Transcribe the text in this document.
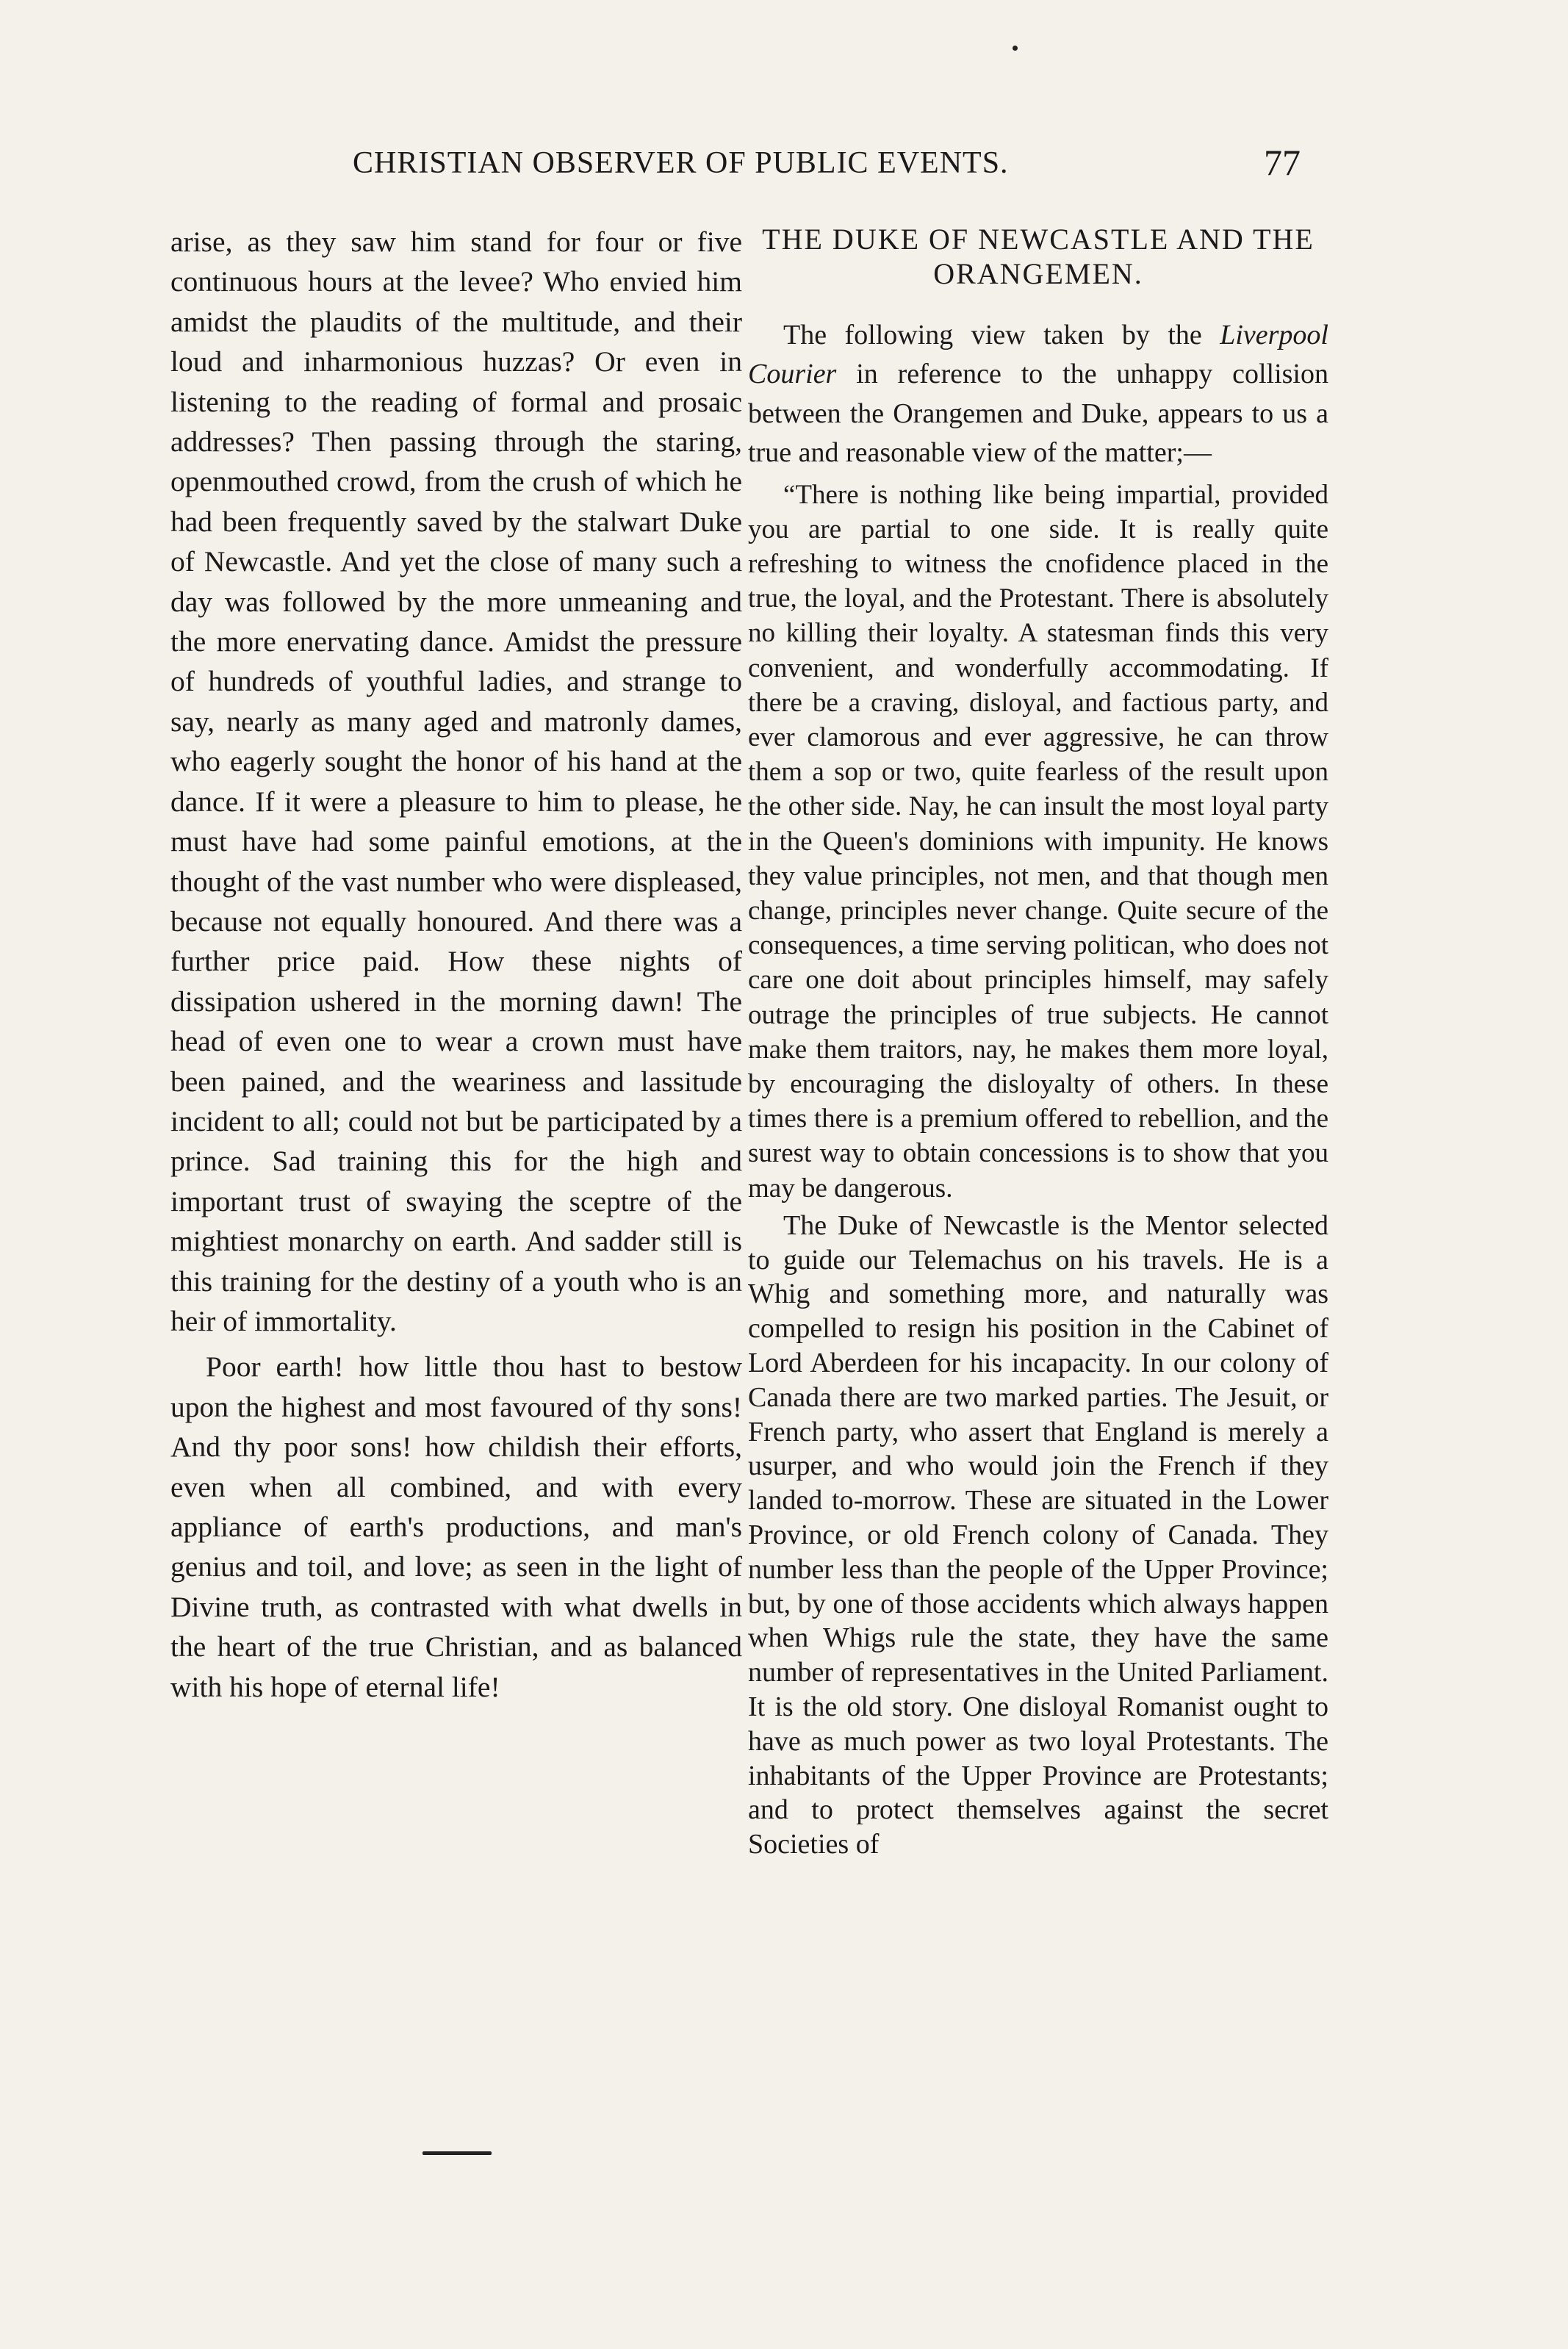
CHRISTIAN OBSERVER OF PUBLIC EVENTS.	77

arise, as they saw him stand for four or five continuous hours at the levee? Who envied him amidst the plaudits of the multitude, and their loud and inharmonious huzzas? Or even in listening to the reading of formal and prosaic addresses? Then passing through the staring, openmouthed crowd, from the crush of which he had been frequently saved by the stalwart Duke of Newcastle. And yet the close of many such a day was followed by the more unmeaning and the more enervating dance. Amidst the pressure of hundreds of youthful ladies, and strange to say, nearly as many aged and matronly dames, who eagerly sought the honor of his hand at the dance. If it were a pleasure to him to please, he must have had some painful emotions, at the thought of the vast number who were displeased, because not equally honoured. And there was a further price paid. How these nights of dissipation ushered in the morning dawn! The head of even one to wear a crown must have been pained, and the weariness and lassitude incident to all; could not but be participated by a prince. Sad training this for the high and important trust of swaying the sceptre of the mightiest monarchy on earth. And sadder still is this training for the destiny of a youth who is an heir of immortality.

Poor earth! how little thou hast to bestow upon the highest and most favoured of thy sons! And thy poor sons! how childish their efforts, even when all combined, and with every appliance of earth's productions, and man's genius and toil, and love; as seen in the light of Divine truth, as contrasted with what dwells in the heart of the true Christian, and as balanced with his hope of eternal life!

THE DUKE OF NEWCASTLE AND THE ORANGEMEN.

The following view taken by the Liverpool Courier in reference to the unhappy collision between the Orangemen and Duke, appears to us a true and reasonable view of the matter;—

“There is nothing like being impartial, provided you are partial to one side. It is really quite refreshing to witness the cnofidence placed in the true, the loyal, and the Protestant. There is absolutely no killing their loyalty. A statesman finds this very convenient, and wonderfully accommodating. If there be a craving, disloyal, and factious party, and ever clamorous and ever aggressive, he can throw them a sop or two, quite fearless of the result upon the other side. Nay, he can insult the most loyal party in the Queen's dominions with impunity. He knows they value principles, not men, and that though men change, principles never change. Quite secure of the consequences, a time serving politican, who does not care one doit about principles himself, may safely outrage the principles of true subjects. He cannot make them traitors, nay, he makes them more loyal, by encouraging the disloyalty of others. In these times there is a premium offered to rebellion, and the surest way to obtain concessions is to show that you may be dangerous.

The Duke of Newcastle is the Mentor selected to guide our Telemachus on his travels. He is a Whig and something more, and naturally was compelled to resign his position in the Cabinet of Lord Aberdeen for his incapacity. In our colony of Canada there are two marked parties. The Jesuit, or French party, who assert that England is merely a usurper, and who would join the French if they landed to-morrow. These are situated in the Lower Province, or old French colony of Canada. They number less than the people of the Upper Province; but, by one of those accidents which always happen when Whigs rule the state, they have the same number of representatives in the United Parliament. It is the old story. One disloyal Romanist ought to have as much power as two loyal Protestants. The inhabitants of the Upper Province are Protestants; and to protect themselves against the secret Societies of
